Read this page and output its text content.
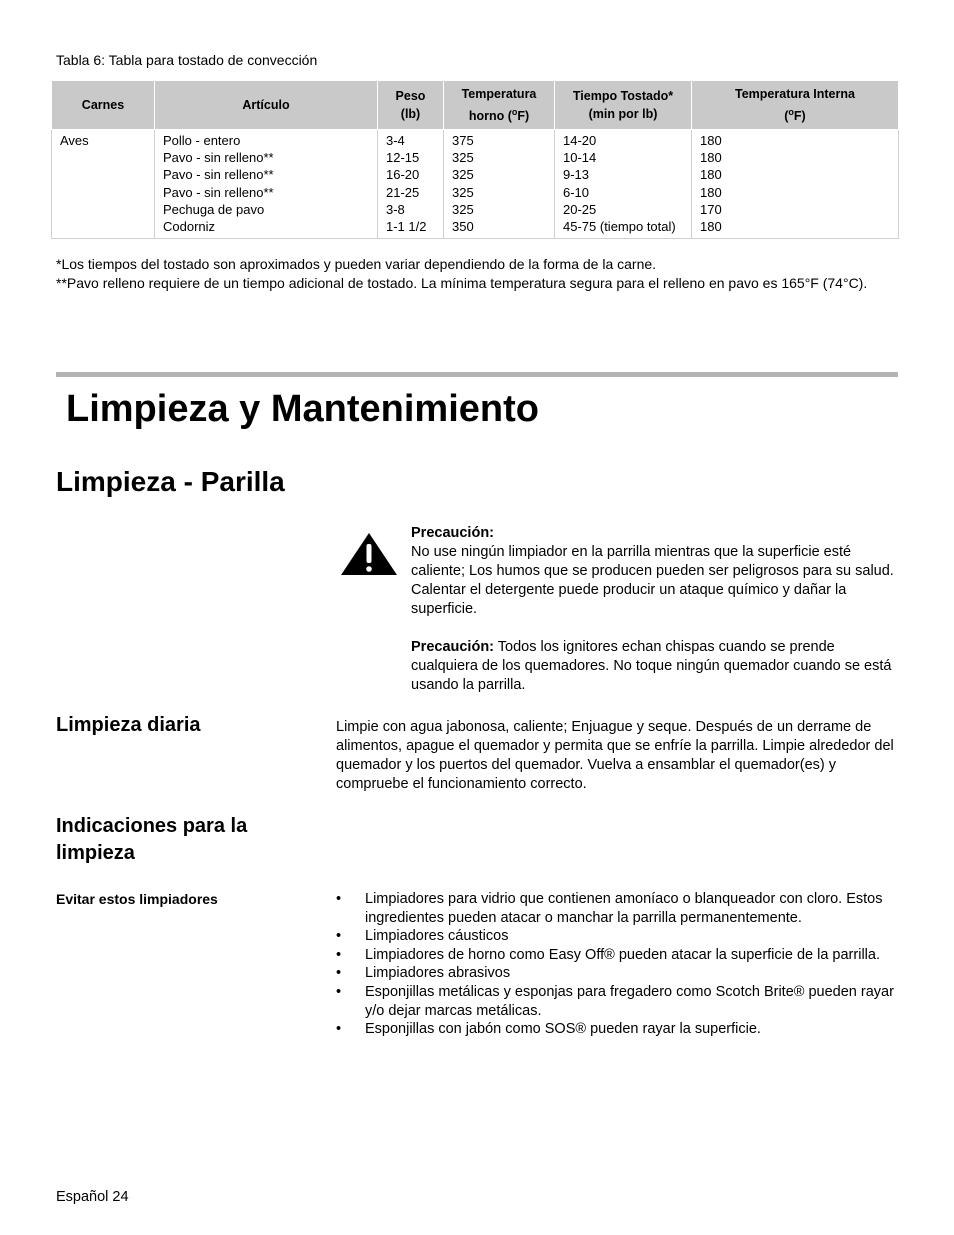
Tabla 6: Tabla para tostado de convección
Carnes	Artículo	
Peso
(lb)

Temperatura
horno ($^o$F)

Tiempo Tostado*
(min por lb)

Temperatura Interna
($^o$F)

Aves	Pollo - entero
Pavo - sin relleno**
Pavo - sin relleno**
Pavo - sin relleno**
Pechuga de pavo
Codorniz

3-4
12-15
16-20
21-25
3-8
1-1 1/2

375
325
325
325
325
350

14-20
10-14
9-13
6-10
20-25
45-75 (tiempo total)

180
180
180
180
170
180
*Los tiempos del tostado son aproximados y pueden variar dependiendo de la forma de la carne.
**Pavo relleno requiere de un tiempo adicional de tostado. La mínima temperatura segura para el relleno en pavo es 165°F (74°C).
Limpieza y Mantenimiento
Limpieza - Parilla

Precaución:
No use ningún limpiador en la parrilla mientras que la superficie esté caliente; Los humos que se producen pueden ser peligrosos para su salud. Calentar el detergente puede producir un ataque químico y dañar la superficie.

Precaución: Todos los ignitores echan chispas cuando se prende cualquiera de los quemadores. No toque ningún quemador cuando se está usando la parrilla.

Limpieza diaria	Limpie con agua jabonosa, caliente; Enjuague y seque. Después de un derrame de alimentos, apague el quemador y permita que se enfríe la parrilla. Limpie alrededor del quemador y los puertos del quemador. Vuelva a ensamblar el quemador(es) y compruebe el funcionamiento correcto.
Indicaciones para la limpieza
Evitar estos limpiadores
•	Limpiadores para vidrio que contienen amoníaco o blanqueador con cloro. Estos ingredientes pueden atacar o manchar la parrilla permanentemente.
• Limpiadores cáusticos
• Limpiadores de horno como Easy Off® pueden atacar la superficie de la parrilla.
• Limpiadores abrasivos
• Esponjillas metálicas y esponjas para fregadero como Scotch Brite® pueden rayar y/o dejar marcas metálicas.
• Esponjillas con jabón como SOS® pueden rayar la superficie.
Español 24
